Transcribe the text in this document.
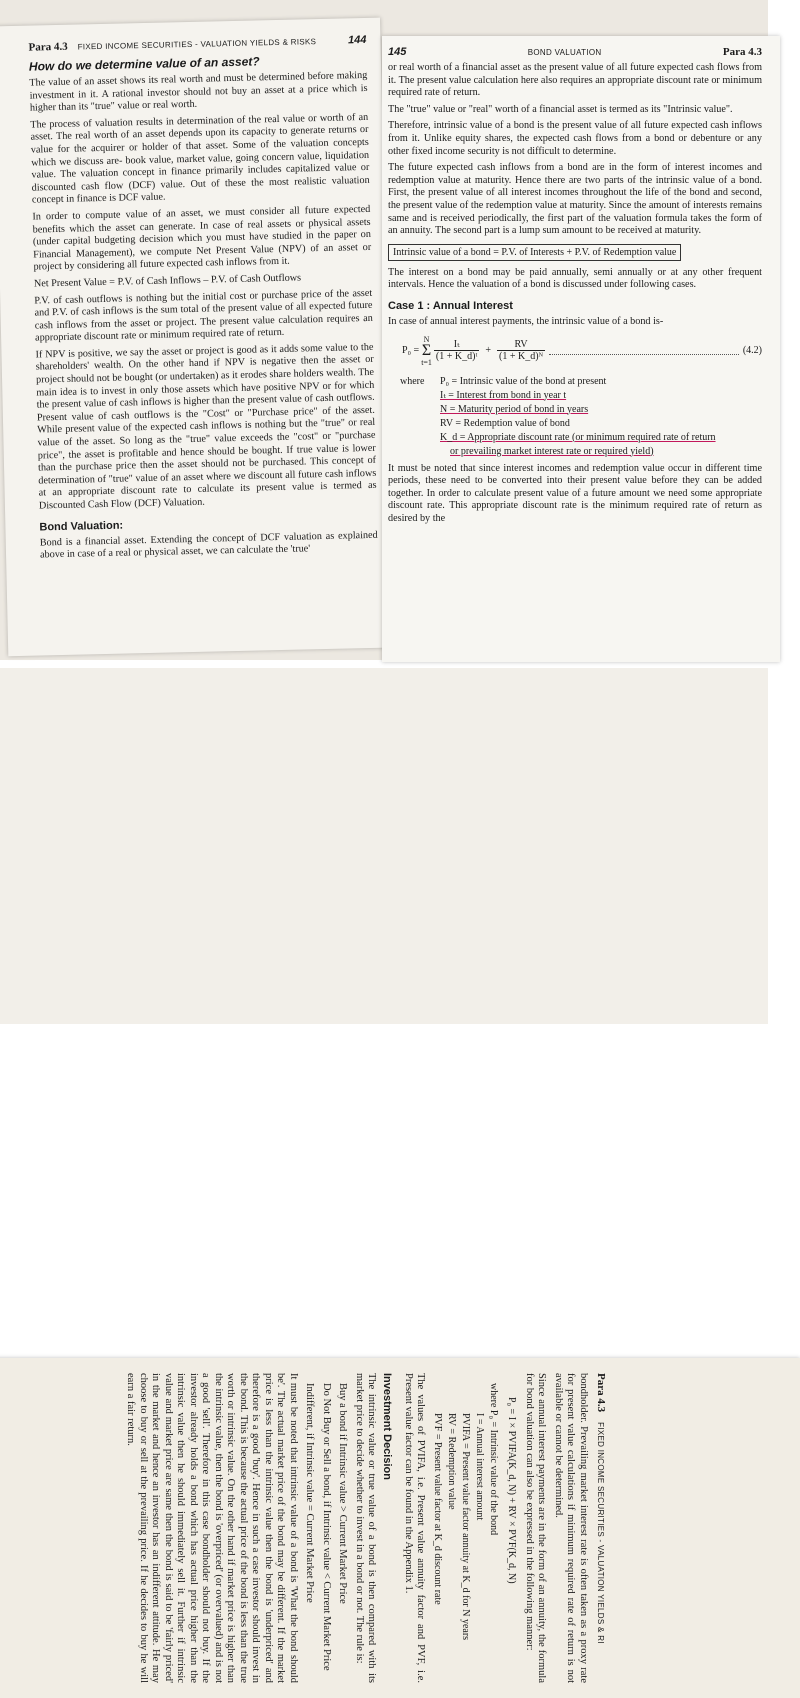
Para 4.3 FIXED INCOME SECURITIES - VALUATION YIELDS & RISKS	144
How do we determine value of an asset?

The value of an asset shows its real worth and must be determined before making investment in it. A rational investor should not buy an asset at a price which is higher than its "true" value or real worth.

The process of valuation results in determination of the real value or worth of an asset. The real worth of an asset depends upon its capacity to generate returns or value for the acquirer or holder of that asset. Some of the valuation concepts which we discuss are- book value, market value, going concern value, liquidation value. The valuation concept in finance primarily includes capitalized value or discounted cash flow (DCF) value. Out of these the most realistic valuation concept in finance is DCF value.

In order to compute value of an asset, we must consider all future expected benefits which the asset can generate. In case of real assets or physical assets (under capital budgeting decision which you must have studied in the paper on Financial Management), we compute Net Present Value (NPV) of an asset or project by considering all future expected cash inflows from it.

Net Present Value = P.V. of Cash Inflows – P.V. of Cash Outflows

P.V. of cash outflows is nothing but the initial cost or purchase price of the asset and P.V. of cash inflows is the sum total of the present value of all expected future cash inflows from the asset or project. The present value calculation requires an appropriate discount rate or minimum required rate of return.

If NPV is positive, we say the asset or project is good as it adds some value to the shareholders' wealth. On the other hand if NPV is negative then the asset or project should not be bought (or undertaken) as it erodes share holders wealth. The main idea is to invest in only those assets which have positive NPV or for which the present value of cash inflows is higher than the present value of cash outflows. Present value of cash outflows is the "Cost" or "Purchase price" of the asset. While present value of the expected cash inflows is nothing but the "true" or real value of the asset. So long as the "true" value exceeds the "cost" or "purchase price", the asset is profitable and hence should be bought. If true value is lower than the purchase price then the asset should not be purchased. This concept of determination of "true" value of an asset where we discount all future cash inflows at an appropriate discount rate to calculate its present value is termed as Discounted Cash Flow (DCF) Valuation.

Bond Valuation:

Bond is a financial asset. Extending the concept of DCF valuation as explained above in case of a real or physical asset, we can calculate the 'true'

145	BOND VALUATION	Para 4.3

or real worth of a financial asset as the present value of all future expected cash flows from it. The present value calculation here also requires an appropriate discount rate or minimum required rate of return.

The "true" value or "real" worth of a financial asset is termed as its "Intrinsic value".

Therefore, intrinsic value of a bond is the present value of all future expected cash inflows from it. Unlike equity shares, the expected cash flows from a bond or debenture or any other fixed income security is not difficult to determine.

The future expected cash inflows from a bond are in the form of interest incomes and redemption value at maturity. Hence there are two parts of the intrinsic value of a bond. First, the present value of all interest incomes throughout the life of the bond and second, the present value of the redemption value at maturity. Since the amount of interests remains same and is received periodically, the first part of the valuation formula takes the form of an annuity. The second part is a lump sum amount to be received at maturity.

Intrinsic value of a bond = P.V. of Interests + P.V. of Redemption value

The interest on a bond may be paid annually, semi annually or at any other frequent intervals. Hence the valuation of a bond is discussed under following cases.

Case 1 : Annual Interest

In case of annual interest payments, the intrinsic value of a bond is-

P₀ =
N
Σ
$t=1 \frac{\text{Iₜ}}{\text{(1 + K\_d)ᵗ}} + \frac{RV}{\text{(1 + K\_d)ᴺ}}$	(4.2)
where	P₀ = Intrinsic value of the bond at present
Iₜ = Interest from bond in year t
N = Maturity period of bond in years
RV = Redemption value of bond
K_d = Appropriate discount rate (or minimum required rate of return
or prevailing market interest rate or required yield)

It must be noted that since interest incomes and redemption value occur in different time periods, these need to be converted into their present value before they can be added together. In order to calculate present value of a future amount we need some appropriate discount rate. This appropriate discount rate is the minimum required rate of return as desired by the

Para 4.3
FIXED INCOME SECURITIES - VALUATION YIELDS & RI

bondholder. Prevailing market interest rate is often taken as a proxy rate for present value calculations if minimum required rate of return is not available or cannot be determined.

Since annual interest payments are in the form of an annuity, the formula for bond valuation can also be expressed in the following manner:

P₀ = I × PVIFA(K_d, N) + RV × PVF(K_d, N)
where P₀ = Intrinsic value of the bond
I = Annual interest amount
PVIFA = Present value factor annuity at K_d for N years
RV = Redemption value
PVF = Present value factor at K_d discount rate

The values of PVIFA, i.e. Present value annuity factor and PVF, i.e. Present value factor can be found in the Appendix 1.

Investment Decision

The intrinsic value or true value of a bond is then compared with its market price to decide whether to invest in a bond or not. The rule is:

Buy a bond if Intrinsic value > Current Market Price

Do Not Buy or Sell a bond, if Intrinsic value < Current Market Price

Indifferent, if Intrinsic value = Current Market Price

It must be noted that intrinsic value of a bond is 'What the bond should be'. The actual market price of the bond may be different. If the market price is less than the intrinsic value then the bond is 'underpriced' and therefore is a good 'buy'. Hence in such a case investor should invest in the bond. This is because the actual price of the bond is less than the true worth or intrinsic value. On the other hand if market price is higher than the intrinsic value, then the bond is 'overpriced' (or overvalued) and is not a good 'sell'. Therefore in this case bondholder should not buy. If the investor already holds a bond which has actual price higher than the intrinsic value then he should immediately sell it. Further if intrinsic value and market price are same then the bond is said to be 'fairly priced' in the market and hence an investor has an indifferent attitude. He may choose to buy or sell at the prevailing price. If he decides to buy he will earn a fair return.
